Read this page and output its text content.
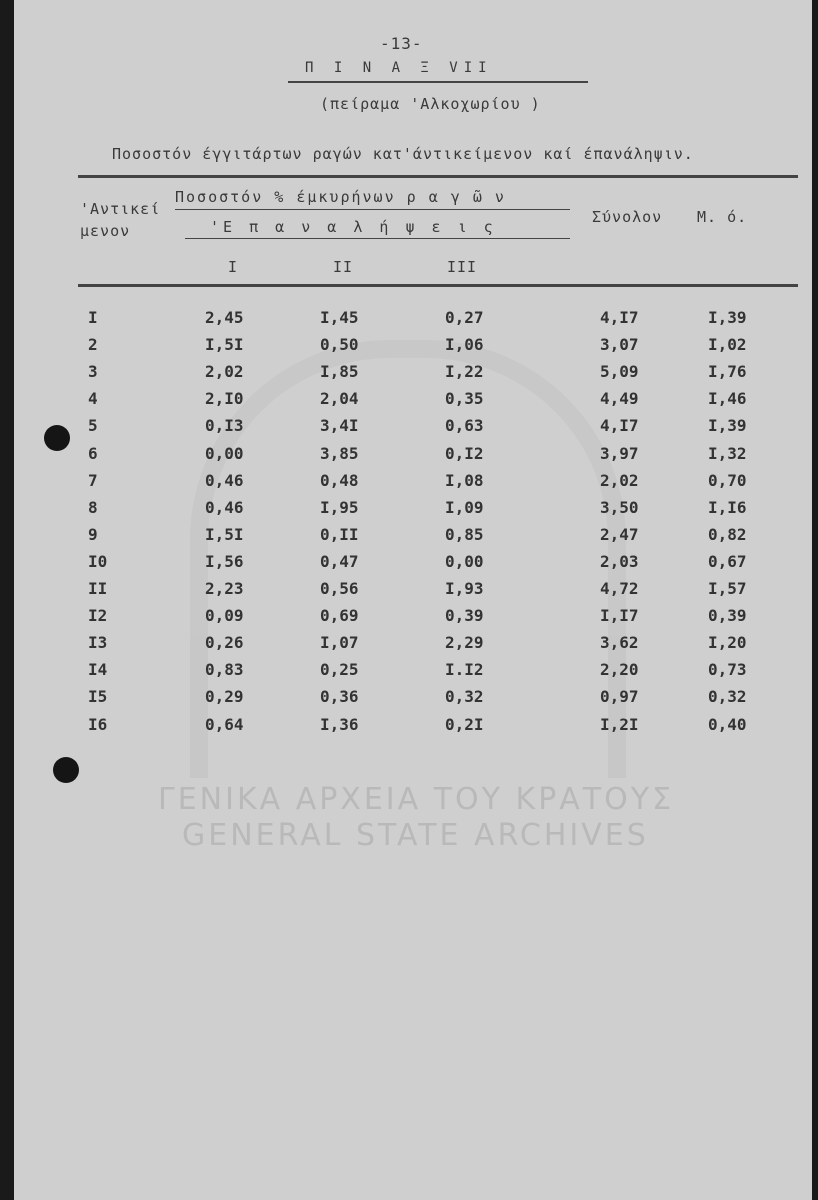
ΓΕΝΙΚΑ ΑΡΧΕΙΑ ΤΟΥ ΚΡΑΤΟΥΣ
GENERAL STATE ARCHIVES
-13-
Π Ι Ν Α Ξ VII
(πείραμα 'Αλκοχωρίου )
Ποσοστόν έγγιτάρτων ραγών κατ'άντικείμενον καί έπανάληψιν.
'Αντικεί
μενον
Ποσοστόν % έμκυρήνων ρ α γ ῶ ν
'Ε π α ν α λ ή ψ ε ι ς
Ι	ΙΙ	ΙΙΙ
Σύνολον Μ. ό.
Ι	2,45	Ι,45	0,27	4,Ι7	Ι,39
2	Ι,5Ι	0,50	Ι,06	3,07	Ι,02
3	2,02	Ι,85	Ι,22	5,09	Ι,76
4	2,Ι0	2,04	0,35	4,49	Ι,46
5	0,Ι3	3,4Ι	0,63	4,Ι7	Ι,39
6	0,00	3,85	0,Ι2	3,97	Ι,32
7	0,46	0,48	Ι,08	2,02	0,70
8	0,46	Ι,95	Ι,09	3,50	Ι,Ι6
9	Ι,5Ι	0,ΙΙ	0,85	2,47	0,82
Ι0	Ι,56	0,47	0,00	2,03	0,67
ΙΙ	2,23	0,56	Ι,93	4,72	Ι,57
Ι2	0,09	0,69	0,39	Ι,Ι7	0,39
Ι3	0,26	Ι,07	2,29	3,62	Ι,20
Ι4	0,83	0,25	Ι.Ι2	2,20	0,73
Ι5	0,29	0,36	0,32	0,97	0,32
Ι6	0,64	Ι,36	0,2Ι	Ι,2Ι	0,40
